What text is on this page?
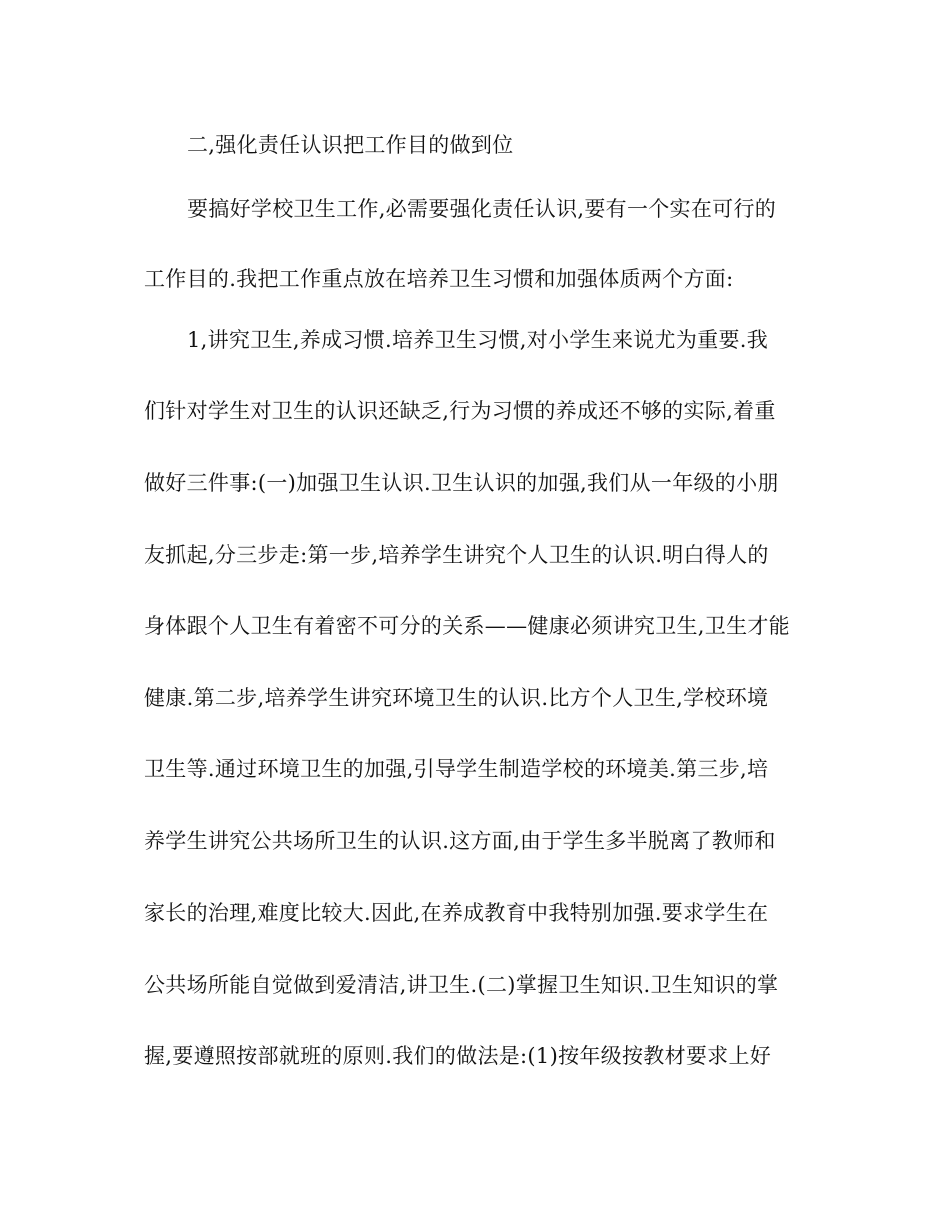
二,强化责任认识把工作目的做到位
要搞好学校卫生工作,必需要强化责任认识,要有一个实在可行的
工作目的.我把工作重点放在培养卫生习惯和加强体质两个方面:
1,讲究卫生,养成习惯.培养卫生习惯,对小学生来说尤为重要.我
们针对学生对卫生的认识还缺乏,行为习惯的养成还不够的实际,着重
做好三件事:(一)加强卫生认识.卫生认识的加强,我们从一年级的小朋
友抓起,分三步走:第一步,培养学生讲究个人卫生的认识.明白得人的
身体跟个人卫生有着密不可分的关系——健康必须讲究卫生,卫生才能
健康.第二步,培养学生讲究环境卫生的认识.比方个人卫生,学校环境
卫生等.通过环境卫生的加强,引导学生制造学校的环境美.第三步,培
养学生讲究公共场所卫生的认识.这方面,由于学生多半脱离了教师和
家长的治理,难度比较大.因此,在养成教育中我特别加强.要求学生在
公共场所能自觉做到爱清洁,讲卫生.(二)掌握卫生知识.卫生知识的掌
握,要遵照按部就班的原则.我们的做法是:(1)按年级按教材要求上好
